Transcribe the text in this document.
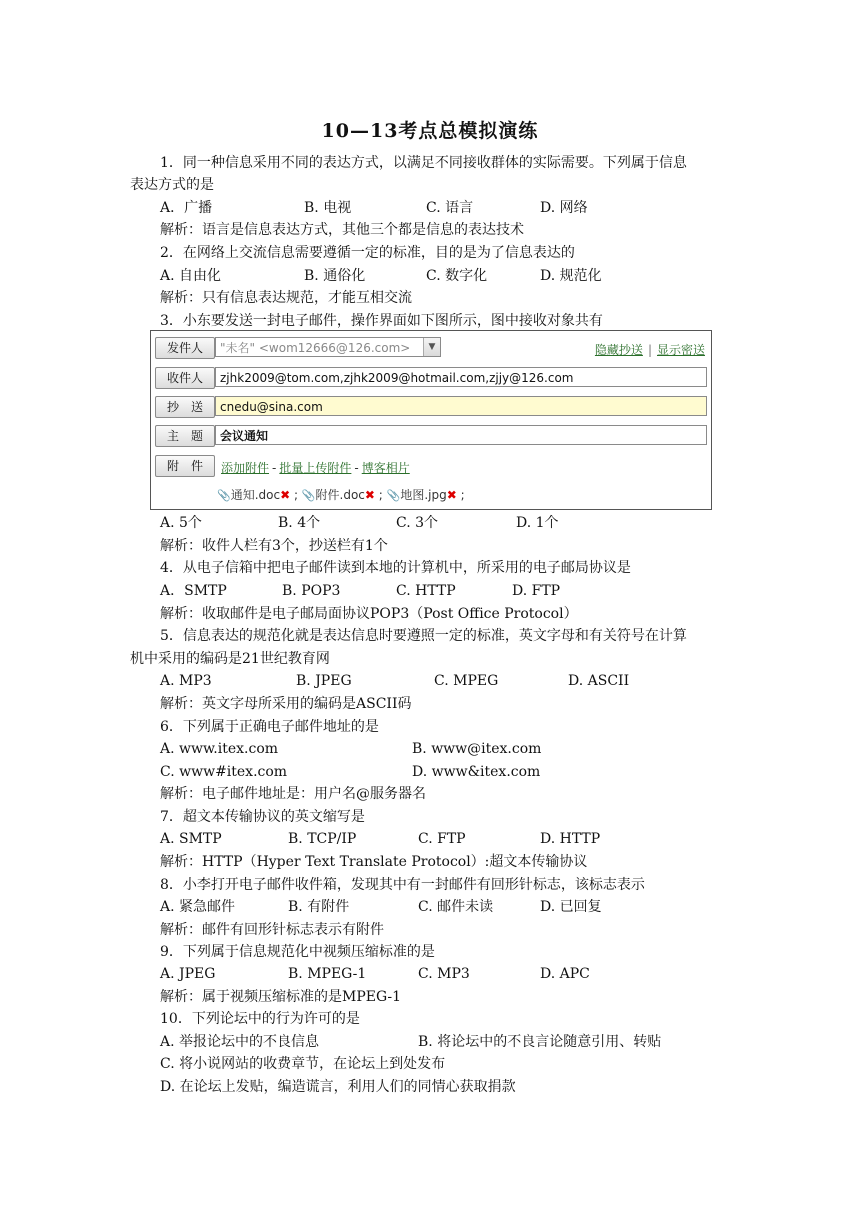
10—13考点总模拟演练
1．同一种信息采用不同的表达方式，以满足不同接收群体的实际需要。下列属于信息
表达方式的是
A．广播	B. 电视	C. 语言	D. 网络
解析：语言是信息表达方式，其他三个都是信息的表达技术
2．在网络上交流信息需要遵循一定的标准，目的是为了信息表达的
A. 自由化	B. 通俗化	C. 数字化	D. 规范化
解析：只有信息表达规范，才能互相交流
3．小东要发送一封电子邮件，操作界面如下图所示，图中接收对象共有
发件人	"未名" <wom12666@126.com>	▼	隐藏抄送 | 显示密送
收件人	zjhk2009@tom.com,zjhk2009@hotmail.com,zjjy@126.com
抄　送	cnedu@sina.com
主　题	会议通知
附　件	添加附件 - 批量上传附件 - 博客相片
📎通知.doc✖ ; 📎附件.doc✖ ; 📎地图.jpg✖ ;
A. 5个	B. 4个	C. 3个	D. 1个
解析：收件人栏有3个，抄送栏有1个
4．从电子信箱中把电子邮件读到本地的计算机中，所采用的电子邮局协议是
A．SMTP	B. POP3	C. HTTP	D. FTP
解析：收取邮件是电子邮局面协议POP3（Post Office Protocol）
5．信息表达的规范化就是表达信息时要遵照一定的标准，英文字母和有关符号在计算
机中采用的编码是21世纪教育网
A. MP3	B. JPEG	C. MPEG	D. ASCII
解析：英文字母所采用的编码是ASCII码
6．下列属于正确电子邮件地址的是
A. www.itex.com	B. www@itex.com
C. www#itex.com	D. www&itex.com
解析：电子邮件地址是：用户名@服务器名
7．超文本传输协议的英文缩写是
A. SMTP	B. TCP/IP	C. FTP	D. HTTP
解析：HTTP（Hyper Text Translate Protocol）:超文本传输协议
8．小李打开电子邮件收件箱，发现其中有一封邮件有回形针标志，该标志表示
A. 紧急邮件	B. 有附件	C. 邮件未读	D. 已回复
解析：邮件有回形针标志表示有附件
9．下列属于信息规范化中视频压缩标准的是
A. JPEG	B. MPEG-1	C. MP3	D. APC
解析：属于视频压缩标准的是MPEG-1
10．下列论坛中的行为许可的是
A. 举报论坛中的不良信息	B. 将论坛中的不良言论随意引用、转贴
C. 将小说网站的收费章节，在论坛上到处发布
D. 在论坛上发贴，编造谎言，利用人们的同情心获取捐款
